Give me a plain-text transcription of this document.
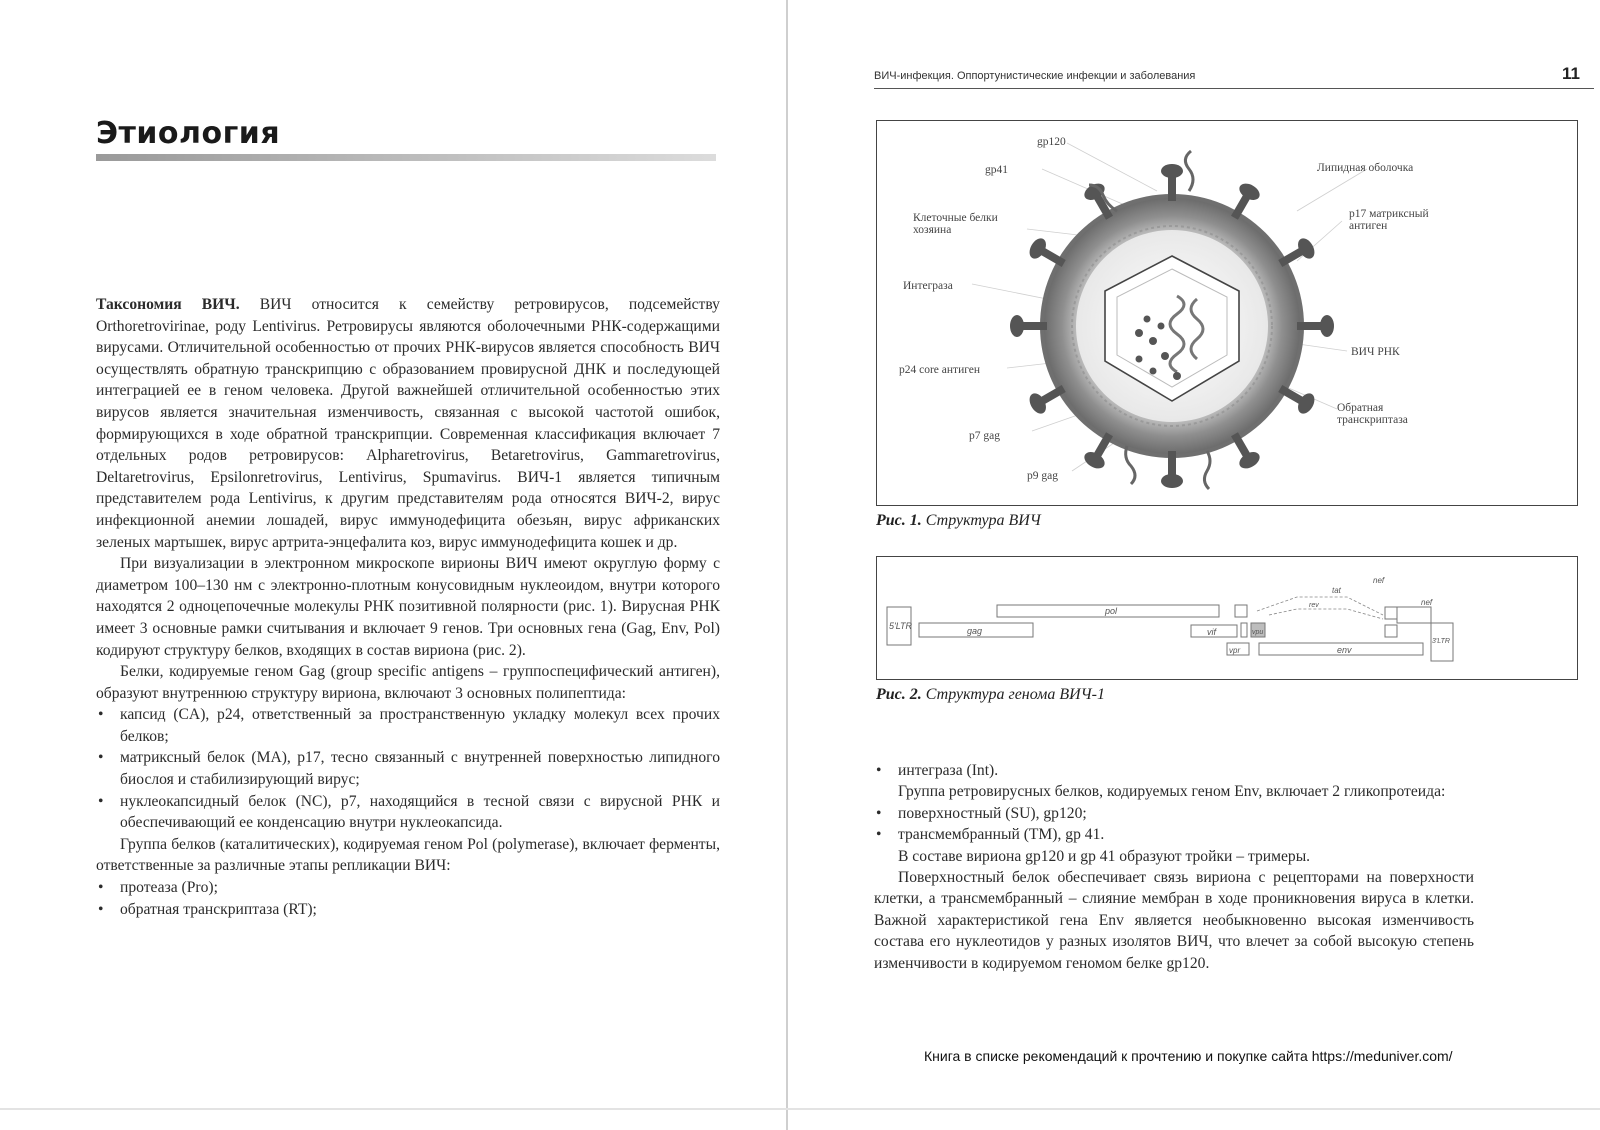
Этиология

Таксономия ВИЧ. ВИЧ относится к семейству ретровирусов, подсемейству Orthoretrovirinae, роду Lentivirus. Ретровирусы являются оболочечными РНК-содержащими вирусами. Отличительной особенностью от прочих РНК-вирусов является способность ВИЧ осуществлять обратную транскрипцию с образованием провирусной ДНК и последующей интеграцией ее в геном человека. Другой важнейшей отличительной особенностью этих вирусов является значительная изменчивость, связанная с высокой частотой ошибок, формирующихся в ходе обратной транскрипции. Современная классификация включает 7 отдельных родов ретровирусов: Alpharetrovirus, Betaretrovirus, Gammaretrovirus, Deltaretrovirus, Epsilonretrovirus, Lentivirus, Spumavirus. ВИЧ-1 является типичным представителем рода Lentivirus, к другим представителям рода относятся ВИЧ-2, вирус инфекционной анемии лошадей, вирус иммунодефицита обезьян, вирус африканских зеленых мартышек, вирус артрита-энцефалита коз, вирус иммунодефицита кошек и др.

При визуализации в электронном микроскопе вирионы ВИЧ имеют округлую форму с диаметром 100–130 нм с электронно-плотным конусовидным нуклеоидом, внутри которого находятся 2 одноцепочечные молекулы РНК позитивной полярности (рис. 1). Вирусная РНК имеет 3 основные рамки считывания и включает 9 генов. Три основных гена (Gag, Env, Pol) кодируют структуру белков, входящих в состав вириона (рис. 2).

Белки, кодируемые геном Gag (group specific antigens – группоспецифический антиген), образуют внутреннюю структуру вириона, включают 3 основных полипептида:

• капсид (CA), p24, ответственный за пространственную укладку молекул всех прочих белков;
• матриксный белок (MA), p17, тесно связанный с внутренней поверхностью липидного биослоя и стабилизирующий вирус;
• нуклеокапсидный белок (NC), p7, находящийся в тесной связи с вирусной РНК и обеспечивающий ее конденсацию внутри нуклеокапсида.

Группа белков (каталитических), кодируемая геном Pol (polymerase), включает ферменты, ответственные за различные этапы репликации ВИЧ:

• протеаза (Pro);
• обратная транскриптаза (RT);
ВИЧ-инфекция. Оппортунистические инфекции и заболевания	11
gp120
gp41	Липидная оболочка
Клеточные белки
хозяина
p17 матриксный
антиген
Интеграза
ВИЧ РНК
p24 core антиген
Обратная
транскриптаза
p7 gag
p9 gag
Рис. 1. Структура ВИЧ
5'LTR	gag
pol
vif	vpu
vpr
tat
rev
nef
nef
env
3'LTR
Рис. 2. Структура генома ВИЧ-1
• интеграза (Int).

Группа ретровирусных белков, кодируемых геном Env, включает 2 гликопротеида:

• поверхностный (SU), gp120;
• трансмембранный (TM), gp 41.

В составе вириона gp120 и gp 41 образуют тройки – тримеры.

Поверхностный белок обеспечивает связь вириона с рецепторами на поверхности клетки, а трансмембранный – слияние мембран в ходе проникновения вируса в клетки. Важной характеристикой гена Env является необыкновенно высокая изменчивость состава его нуклеотидов у разных изолятов ВИЧ, что влечет за собой высокую степень изменчивости в кодируемом геномом белке gp120.

Книга в списке рекомендаций к прочтению и покупке сайта https://meduniver.com/
